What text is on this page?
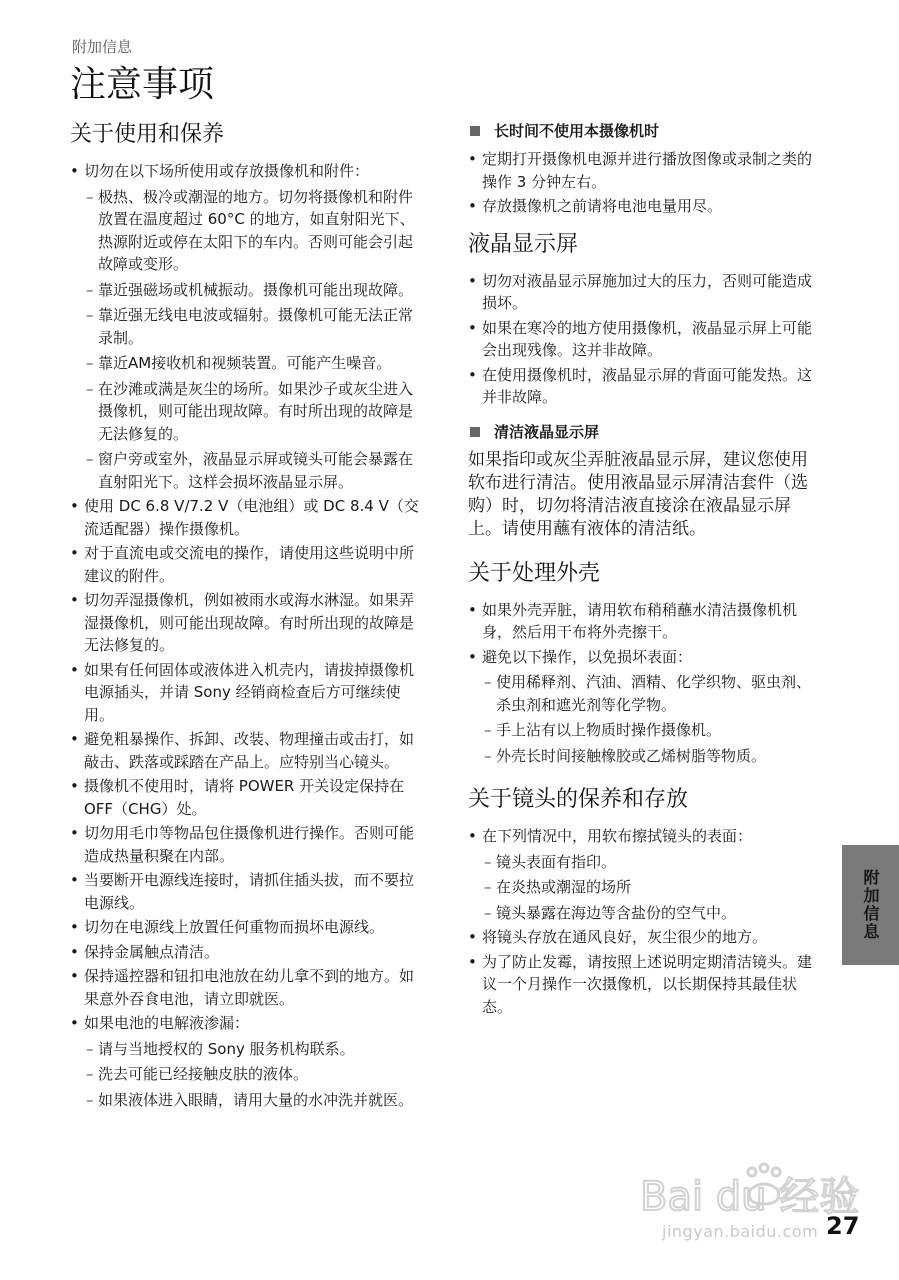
附加信息
注意事项
关于使用和保养
• 切勿在以下场所使用或存放摄像机和附件：
– 极热、极冷或潮湿的地方。切勿将摄像机和附件放置在温度超过 60°C 的地方，如直射阳光下、热源附近或停在太阳下的车内。否则可能会引起故障或变形。
– 靠近强磁场或机械振动。摄像机可能出现故障。
– 靠近强无线电电波或辐射。摄像机可能无法正常录制。
– 靠近AM接收机和视频装置。可能产生噪音。
– 在沙滩或满是灰尘的场所。如果沙子或灰尘进入摄像机，则可能出现故障。有时所出现的故障是无法修复的。
– 窗户旁或室外，液晶显示屏或镜头可能会暴露在直射阳光下。这样会损坏液晶显示屏。
• 使用 DC 6.8 V/7.2 V（电池组）或 DC 8.4 V（交流适配器）操作摄像机。
• 对于直流电或交流电的操作，请使用这些说明中所建议的附件。
• 切勿弄湿摄像机，例如被雨水或海水淋湿。如果弄湿摄像机，则可能出现故障。有时所出现的故障是无法修复的。
• 如果有任何固体或液体进入机壳内，请拔掉摄像机电源插头，并请 Sony 经销商检查后方可继续使用。
• 避免粗暴操作、拆卸、改装、物理撞击或击打，如敲击、跌落或踩踏在产品上。应特别当心镜头。
• 摄像机不使用时，请将 POWER 开关设定保持在 OFF（CHG）处。
• 切勿用毛巾等物品包住摄像机进行操作。否则可能造成热量积聚在内部。
• 当要断开电源线连接时，请抓住插头拔，而不要拉电源线。
• 切勿在电源线上放置任何重物而损坏电源线。
• 保持金属触点清洁。
• 保持遥控器和钮扣电池放在幼儿拿不到的地方。如果意外吞食电池，请立即就医。
• 如果电池的电解液渗漏：
– 请与当地授权的 Sony 服务机构联系。
– 洗去可能已经接触皮肤的液体。
– 如果液体进入眼睛，请用大量的水冲洗并就医。
长时间不使用本摄像机时
• 定期打开摄像机电源并进行播放图像或录制之类的操作 3 分钟左右。
• 存放摄像机之前请将电池电量用尽。
液晶显示屏
• 切勿对液晶显示屏施加过大的压力，否则可能造成损坏。
• 如果在寒冷的地方使用摄像机，液晶显示屏上可能会出现残像。这并非故障。
• 在使用摄像机时，液晶显示屏的背面可能发热。这并非故障。
清洁液晶显示屏

如果指印或灰尘弄脏液晶显示屏，建议您使用软布进行清洁。使用液晶显示屏清洁套件（选购）时，切勿将清洁液直接涂在液晶显示屏上。请使用蘸有液体的清洁纸。

关于处理外壳
• 如果外壳弄脏，请用软布稍稍蘸水清洁摄像机机身，然后用干布将外壳擦干。
• 避免以下操作，以免损坏表面：
– 使用稀释剂、汽油、酒精、化学织物、驱虫剂、杀虫剂和遮光剂等化学物。
– 手上沾有以上物质时操作摄像机。
– 外壳长时间接触橡胶或乙烯树脂等物质。
关于镜头的保养和存放
• 在下列情况中，用软布擦拭镜头的表面：
– 镜头表面有指印。
– 在炎热或潮湿的场所
– 镜头暴露在海边等含盐份的空气中。
• 将镜头存放在通风良好，灰尘很少的地方。
• 为了防止发霉，请按照上述说明定期清洁镜头。建议一个月操作一次摄像机，以长期保持其最佳状态。
附加信息
Bai du 经验
jingyan.baidu.com 27
